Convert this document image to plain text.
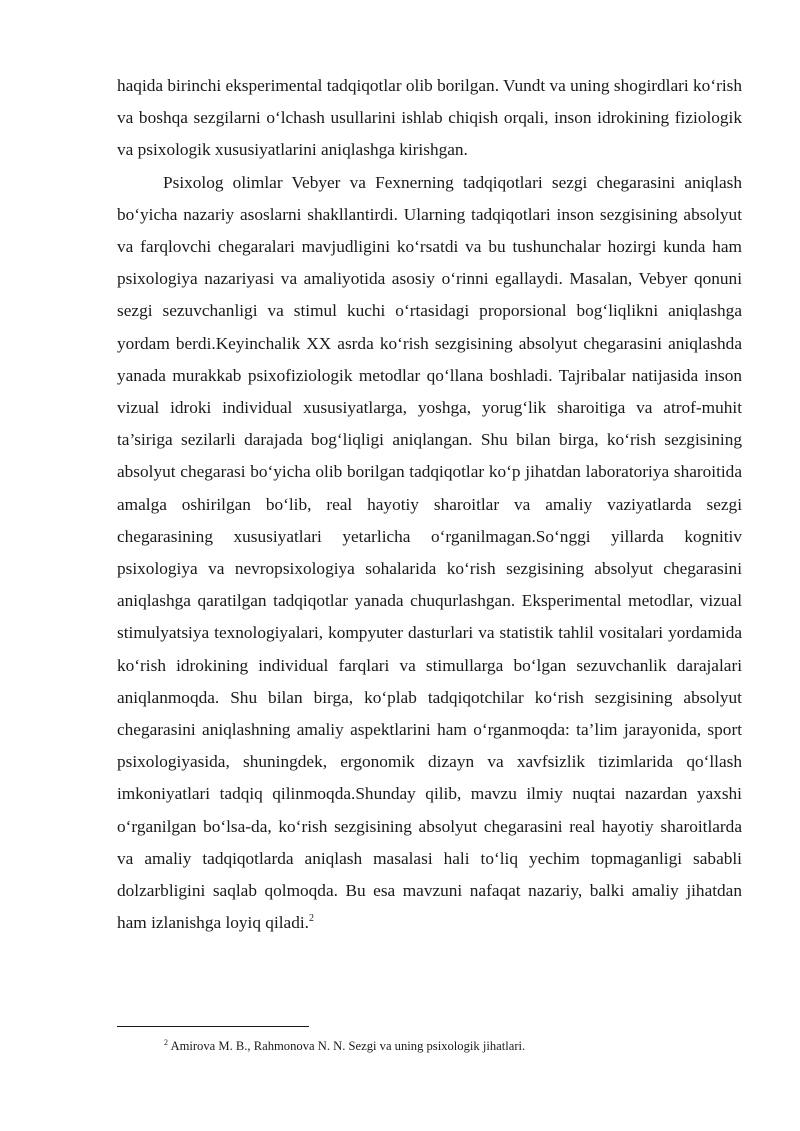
haqida birinchi eksperimental tadqiqotlar olib borilgan. Vundt va uning shogirdlari ko‘rish va boshqa sezgilarni o‘lchash usullarini ishlab chiqish orqali, inson idrokining fiziologik va psixologik xususiyatlarini aniqlashga kirishgan.

Psixolog olimlar Vebyer va Fexnerning tadqiqotlari sezgi chegarasini aniqlash bo‘yicha nazariy asoslarni shakllantirdi. Ularning tadqiqotlari inson sezgisining absolyut va farqlovchi chegaralari mavjudligini ko‘rsatdi va bu tushunchalar hozirgi kunda ham psixologiya nazariyasi va amaliyotida asosiy o‘rinni egallaydi. Masalan, Vebyer qonuni sezgi sezuvchanligi va stimul kuchi o‘rtasidagi proporsional bog‘liqlikni aniqlashga yordam berdi.Keyinchalik XX asrda ko‘rish sezgisining absolyut chegarasini aniqlashda yanada murakkab psixofiziologik metodlar qo‘llana boshladi. Tajribalar natijasida inson vizual idroki individual xususiyatlarga, yoshga, yorug‘lik sharoitiga va atrof-muhit ta’siriga sezilarli darajada bog‘liqligi aniqlangan. Shu bilan birga, ko‘rish sezgisining absolyut chegarasi bo‘yicha olib borilgan tadqiqotlar ko‘p jihatdan laboratoriya sharoitida amalga oshirilgan bo‘lib, real hayotiy sharoitlar va amaliy vaziyatlarda sezgi chegarasining xususiyatlari yetarlicha o‘rganilmagan.So‘nggi yillarda kognitiv psixologiya va nevropsixologiya sohalarida ko‘rish sezgisining absolyut chegarasini aniqlashga qaratilgan tadqiqotlar yanada chuqurlashgan. Eksperimental metodlar, vizual stimulyatsiya texnologiyalari, kompyuter dasturlari va statistik tahlil vositalari yordamida ko‘rish idrokining individual farqlari va stimullarga bo‘lgan sezuvchanlik darajalari aniqlanmoqda. Shu bilan birga, ko‘plab tadqiqotchilar ko‘rish sezgisining absolyut chegarasini aniqlashning amaliy aspektlarini ham o‘rganmoqda: ta’lim jarayonida, sport psixologiyasida, shuningdek, ergonomik dizayn va xavfsizlik tizimlarida qo‘llash imkoniyatlari tadqiq qilinmoqda.Shunday qilib, mavzu ilmiy nuqtai nazardan yaxshi o‘rganilgan bo‘lsa-da, ko‘rish sezgisining absolyut chegarasini real hayotiy sharoitlarda va amaliy tadqiqotlarda aniqlash masalasi hali to‘liq yechim topmaganligi sababli dolzarbligini saqlab qolmoqda. Bu esa mavzuni nafaqat nazariy, balki amaliy jihatdan ham izlanishga loyiq qiladi.$^2$

$^2$ Amirova M. B., Rahmonova N. N. Sezgi va uning psixologik jihatlari.
